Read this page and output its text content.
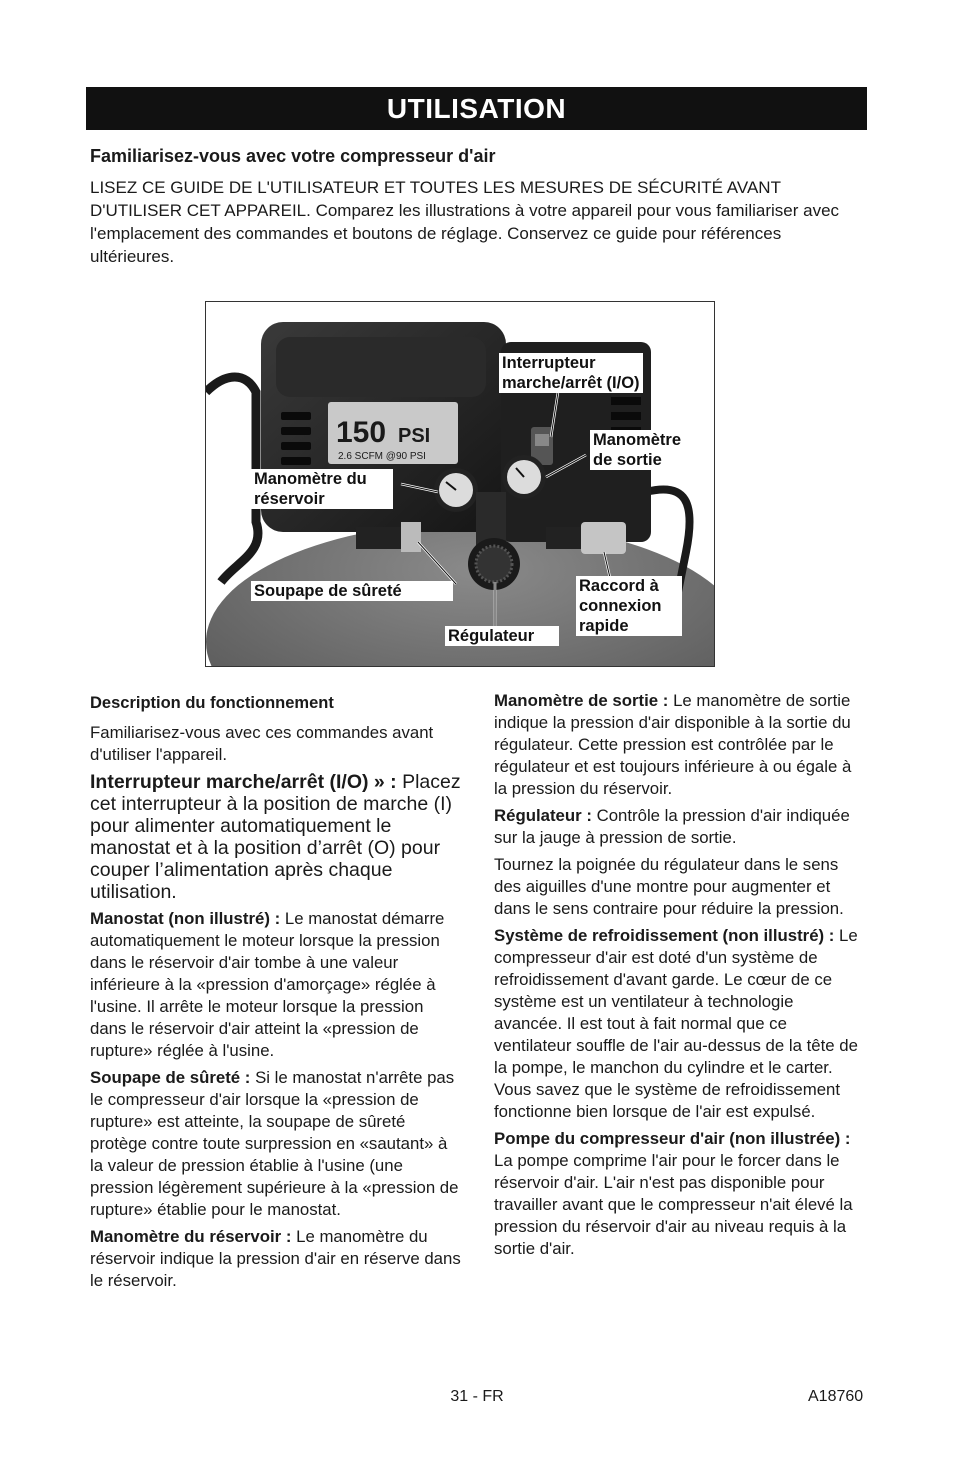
UTILISATION
Familiarisez-vous avec votre compresseur d'air
LISEZ CE GUIDE DE L'UTILISATEUR ET TOUTES LES MESURES DE SÉCURITÉ AVANT D'UTILISER CET APPAREIL. Comparez les illustrations à votre appareil pour vous familiariser avec l'emplacement des commandes et boutons de réglage. Conservez ce guide pour références ultérieures.
150 PSI
2.6 SCFM @90 PSI
Interrupteur
marche/arrêt (I/O)
Manomètre
de sortie
Manomètre du
réservoir
Soupape de sûreté	Raccord à
connexion
rapide
Régulateur

Description du fonctionnement

Familiarisez-vous avec ces commandes avant d'utiliser l'appareil.

Interrupteur marche/arrêt (I/O) » : Placez cet interrupteur à la position de marche (I) pour alimenter automatiquement le manostat et à la position d’arrêt (O) pour couper l’alimentation après chaque utilisation.

Manostat (non illustré) : Le manostat démarre automatiquement le moteur lorsque la pression dans le réservoir d'air tombe à une valeur inférieure à la «pression d'amorçage» réglée à l'usine. Il arrête le moteur lorsque la pression dans le réservoir d'air atteint la «pression de rupture» réglée à l'usine.

Soupape de sûreté : Si le manostat n'arrête pas le compresseur d'air lorsque la «pression de rupture» est atteinte, la soupape de sûreté protège contre toute surpression en «sautant» à la valeur de pression établie à l'usine (une pression légèrement supérieure à la «pression de rupture» établie pour le manostat.

Manomètre du réservoir : Le manomètre du réservoir indique la pression d'air en réserve dans le réservoir.

Manomètre de sortie : Le manomètre de sortie indique la pression d'air disponible à la sortie du régulateur. Cette pression est contrôlée par le régulateur et est toujours inférieure à ou égale à la pression du réservoir.

Régulateur : Contrôle la pression d'air indiquée sur la jauge à pression de sortie.

Tournez la poignée du régulateur dans le sens des aiguilles d'une montre pour augmenter et dans le sens contraire pour réduire la pression.

Système de refroidissement (non illustré) : Le compresseur d'air est doté d'un système de refroidissement d'avant garde. Le cœur de ce système est un ventilateur à technologie avancée. Il est tout à fait normal que ce ventilateur souffle de l'air au-dessus de la tête de la pompe, le manchon du cylindre et le carter. Vous savez que le système de refroidissement fonctionne bien lorsque de l'air est expulsé.

Pompe du compresseur d'air (non illustrée) : La pompe comprime l'air pour le forcer dans le réservoir d'air. L'air n'est pas disponible pour travailler avant que le compresseur n'ait élevé la pression du réservoir d'air au niveau requis à la sortie d'air.

31 - FR	A18760
